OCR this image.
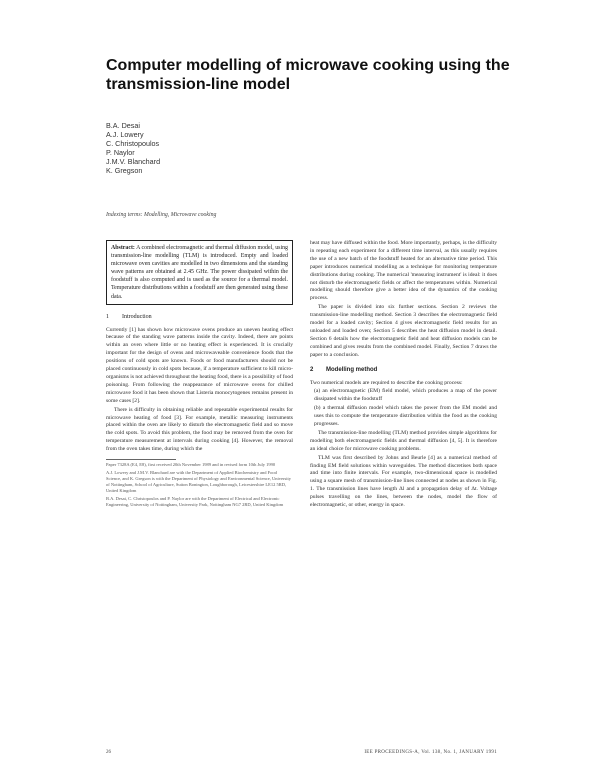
Computer modelling of microwave cooking using the transmission-line model
B.A. Desai
A.J. Lowery
C. Christopoulos
P. Naylor
J.M.V. Blanchard
K. Gregson
Indexing terms: Modelling, Microwave cooking
Abstract: A combined electromagnetic and thermal diffusion model, using transmission-line modelling (TLM) is introduced. Empty and loaded microwave oven cavities are modelled in two dimensions and the standing wave patterns are obtained at 2.45 GHz. The power dissipated within the foodstuff is also computed and is used as the source for a thermal model. Temperature distributions within a foodstuff are then generated using these data.
1 Introduction

Currently [1] has shown how microwave ovens produce an uneven heating effect because of the standing wave patterns inside the cavity. Indeed, there are points within an oven where little or no heating effect is experienced. It is crucially important for the design of ovens and microwaveable convenience foods that the positions of cold spots are known. Foods or food manufacturers should not be placed continuously in cold spots because, if a temperature sufficient to kill micro-organisms is not achieved throughout the heating food, there is a possibility of food poisoning. From following the reappearance of microwave ovens for chilled microwave food it has been shown that Listeria monocytogenes remains present in some cases [2].

There is difficulty in obtaining reliable and repeatable experimental results for microwave heating of food [3]. For example, metallic measuring instruments placed within the oven are likely to disturb the electromagnetic field and so move the cold spots. To avoid this problem, the food may be removed from the oven for temperature measurement at intervals during cooking [4]. However, the removal from the oven takes time, during which the

Paper 7328A (E4, E8), first received 20th November 1989 and in revised form 10th July 1990

A.J. Lowery and J.M.V. Blanchard are with the Department of Applied Biochemistry and Food Science, and K. Gregson is with the Department of Physiology and Environmental Science, University of Nottingham, School of Agriculture, Sutton Bonington, Loughborough, Leicestershire LE12 5RD, United Kingdom

B.A. Desai, C. Christopoulos and P. Naylor are with the Department of Electrical and Electronic Engineering, University of Nottingham, University Park, Nottingham NG7 2RD, United Kingdom

heat may have diffused within the food. More importantly, perhaps, is the difficulty in repeating each experiment for a different time interval, as this usually requires the use of a new batch of the foodstuff heated for an alternative time period. This paper introduces numerical modelling as a technique for monitoring temperature distributions during cooking. The numerical 'measuring instrument' is ideal: it does not disturb the electromagnetic fields or affect the temperatures within. Numerical modelling should therefore give a better idea of the dynamics of the cooking process.

The paper is divided into six further sections. Section 2 reviews the transmission-line modelling method. Section 3 describes the electromagnetic field model for a loaded cavity; Section 4 gives electromagnetic field results for an unloaded and loaded oven; Section 5 describes the heat diffusion model in detail. Section 6 details how the electromagnetic field and heat diffusion models can be combined and gives results from the combined model. Finally, Section 7 draws the paper to a conclusion.

2 Modelling method

Two numerical models are required to describe the cooking process:

(a) an electromagnetic (EM) field model, which produces a map of the power dissipated within the foodstuff

(b) a thermal diffusion model which takes the power from the EM model and uses this to compute the temperature distribution within the food as the cooking progresses.

The transmission-line modelling (TLM) method provides simple algorithms for modelling both electromagnetic fields and thermal diffusion [4, 5]. It is therefore an ideal choice for microwave cooking problems.

TLM was first described by Johns and Beurle [4] as a numerical method of finding EM field solutions within waveguides. The method discretises both space and time into finite intervals. For example, two-dimensional space is modelled using a square mesh of transmission-line lines connected at nodes as shown in Fig. 1. The transmission lines have length Δl and a propagation delay of Δt. Voltage pulses travelling on the lines, between the nodes, model the flow of electromagnetic, or other, energy in space.

26	IEE PROCEEDINGS-A, Vol. 138, No. 1, JANUARY 1991
